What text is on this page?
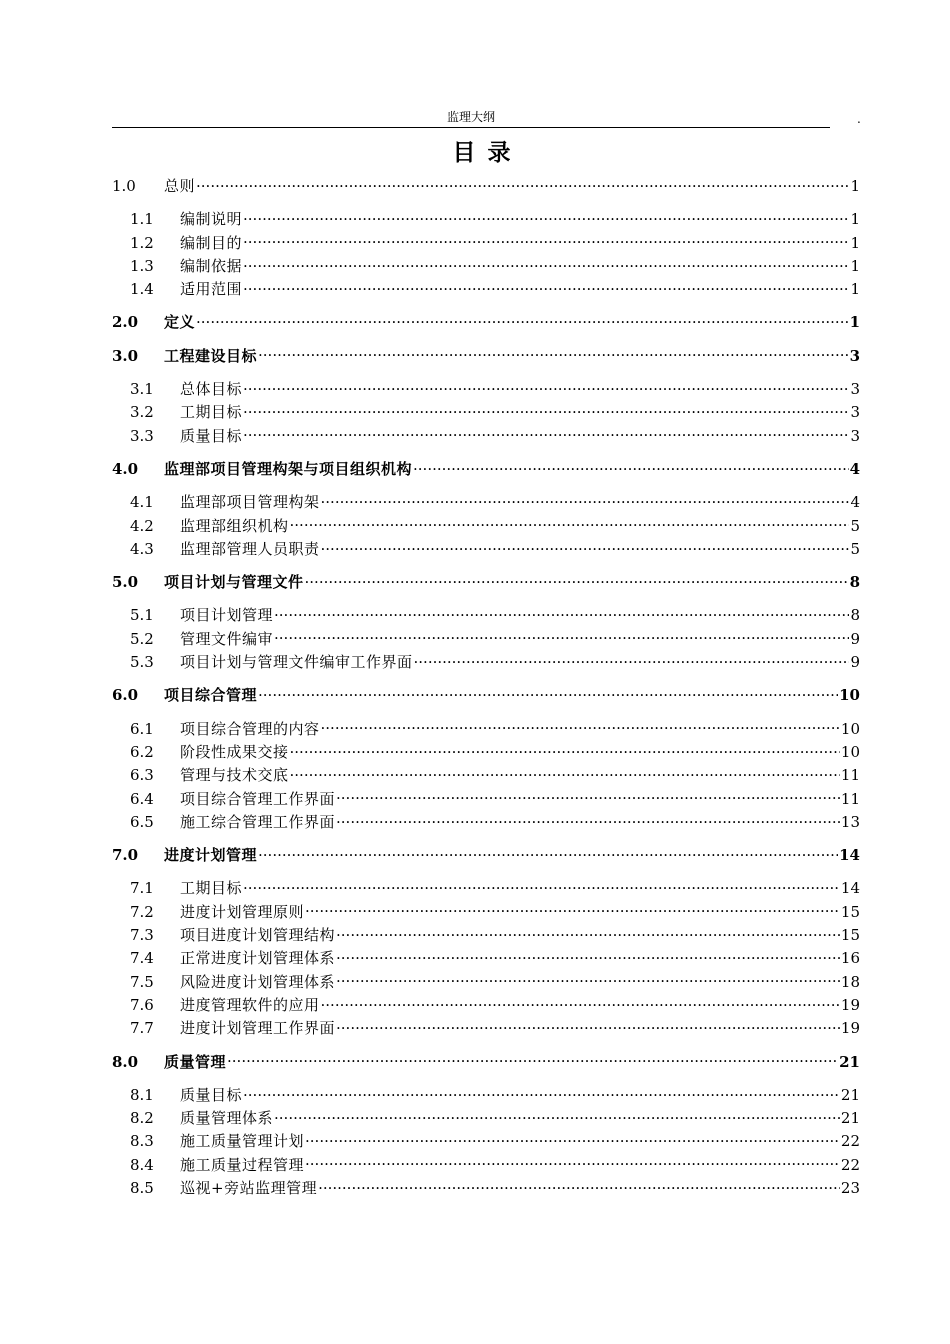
监理大纲	.
目录
1.0	总则 .....	1
1.1	编制说明 .....	1
1.2	编制目的 .....	1
1.3	编制依据 .....	1
1.4	适用范围 .....	1
2.0	定义 .....	1
3.0	工程建设目标 .....	3
3.1	总体目标 .....	3
3.2	工期目标 .....	3
3.3	质量目标 .....	3
4.0	监理部项目管理构架与项目组织机构 .....	4
4.1	监理部项目管理构架 .....	4
4.2	监理部组织机构 .....	5
4.3	监理部管理人员职责 .....	5
5.0	项目计划与管理文件 .....	8
5.1	项目计划管理 .....	8
5.2	管理文件编审 .....	9
5.3	项目计划与管理文件编审工作界面 .....	9
6.0	项目综合管理 .....	10
6.1	项目综合管理的内容 .....	10
6.2	阶段性成果交接 .....	10
6.3	管理与技术交底 .....	11
6.4	项目综合管理工作界面 .....	11
6.5	施工综合管理工作界面 .....	13
7.0	进度计划管理 .....	14
7.1	工期目标 .....	14
7.2	进度计划管理原则 .....	15
7.3	项目进度计划管理结构 .....	15
7.4	正常进度计划管理体系 .....	16
7.5	风险进度计划管理体系 .....	18
7.6	进度管理软件的应用 .....	19
7.7	进度计划管理工作界面 .....	19
8.0	质量管理 .....	21
8.1	质量目标 .....	21
8.2	质量管理体系 .....	21
8.3	施工质量管理计划 .....	22
8.4	施工质量过程管理 .....	22
8.5	巡视+旁站监理管理 .....	23
